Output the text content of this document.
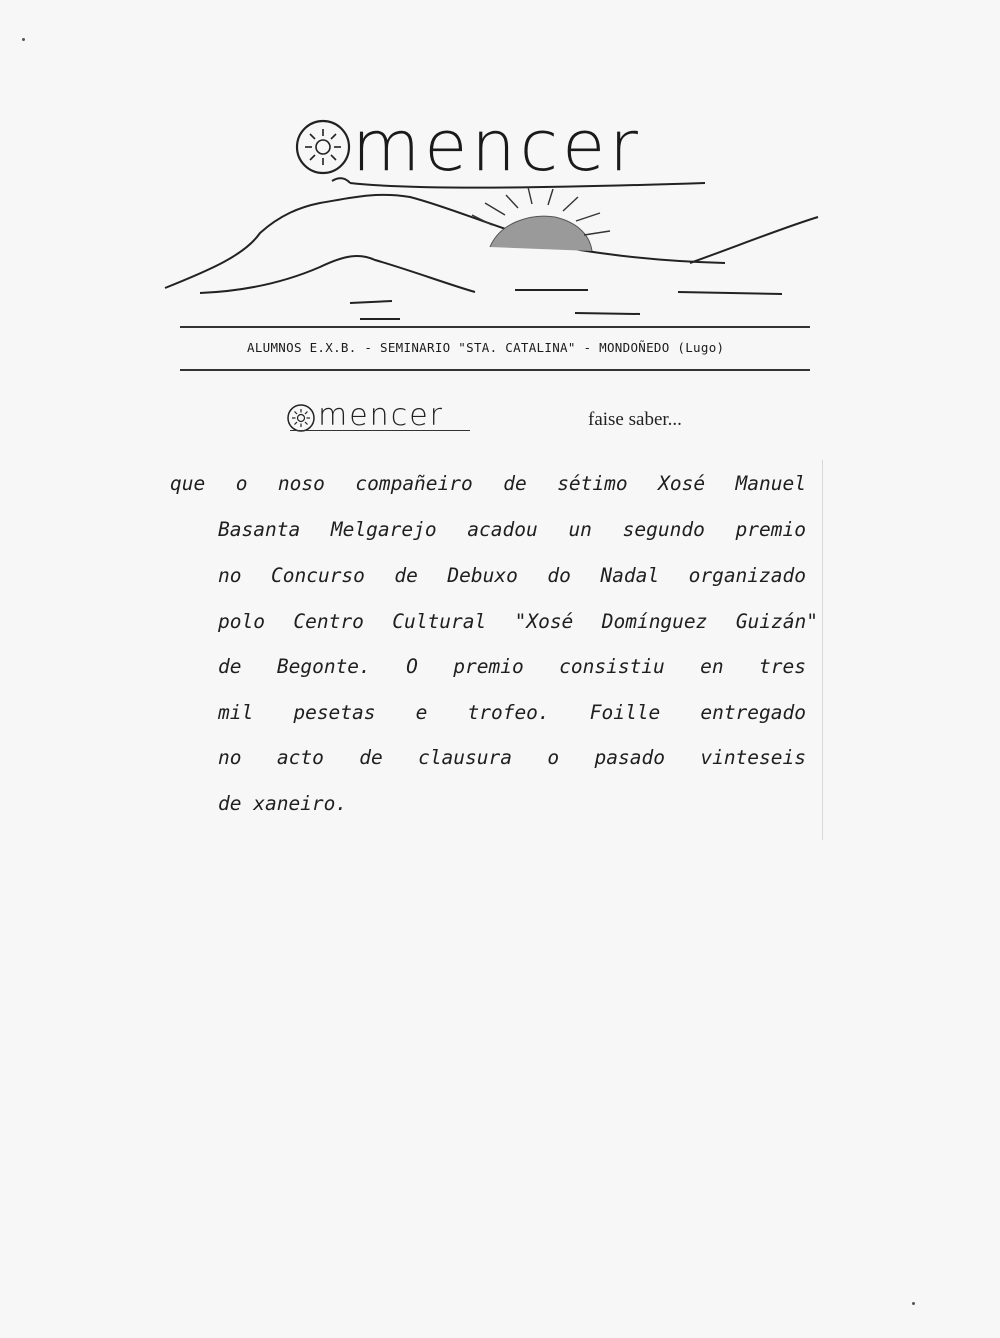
mencer
ALUMNOS E.X.B. - SEMINARIO "STA. CATALINA" - MONDOÑEDO (Lugo)
mencer	faise saber...
que o noso compañeiro de sétimo Xosé Manuel
Basanta Melgarejo acadou un segundo premio
no Concurso de Debuxo do Nadal organizado
polo Centro Cultural "Xosé Domínguez Guizán"
de Begonte. O premio consistiu en tres
mil pesetas e trofeo. Foille entregado
no acto de clausura o pasado vinteseis
de xaneiro.
